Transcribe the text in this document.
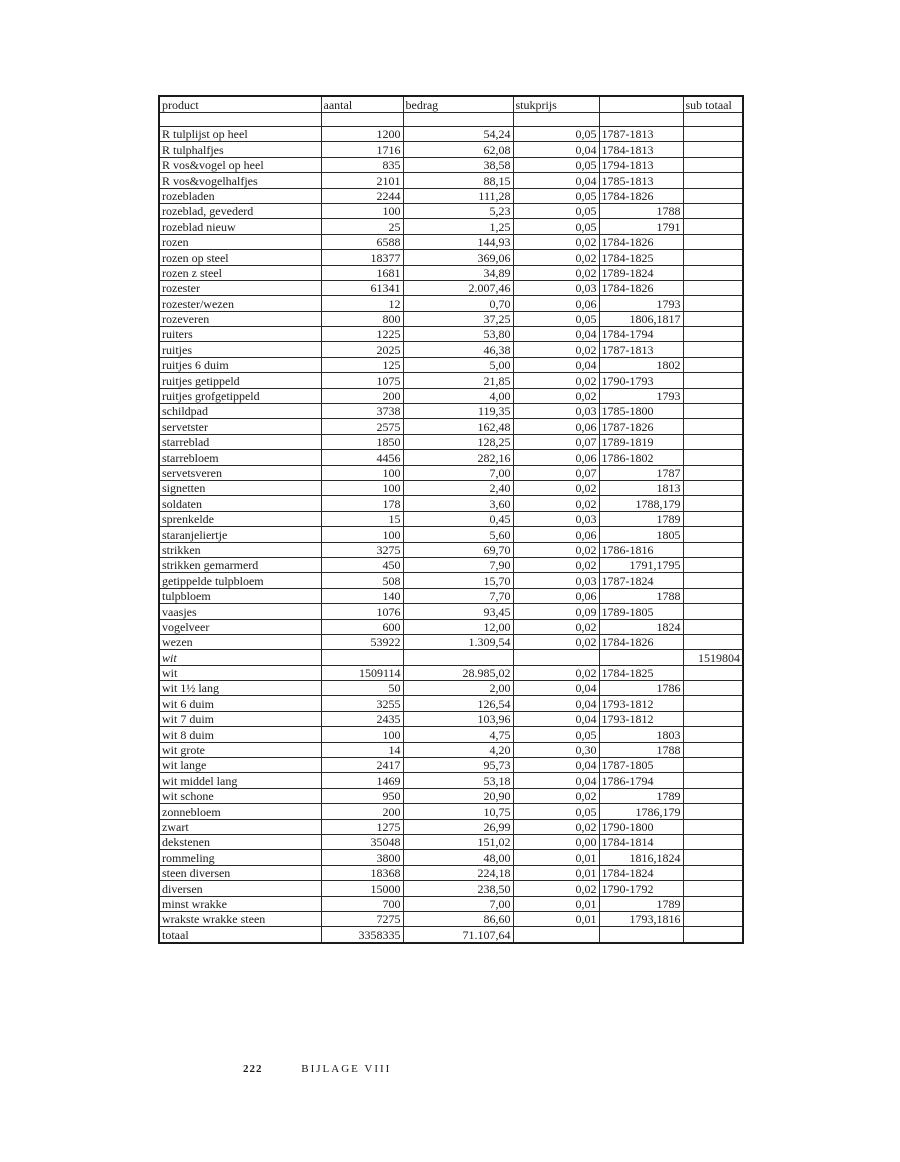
product	aantal	bedrag	stukprijs		sub totaal

R tulplijst op heel	1200	54,24	0,05	1787-1813	
R tulphalfjes	1716	62,08	0,04	1784-1813	
R vos&vogel op heel	835	38,58	0,05	1794-1813	
R vos&vogelhalfjes	2101	88,15	0,04	1785-1813	
rozebladen	2244	111,28	0,05	1784-1826	
rozeblad, gevederd	100	5,23	0,05	1788	
rozeblad nieuw	25	1,25	0,05	1791	
rozen	6588	144,93	0,02	1784-1826	
rozen op steel	18377	369,06	0,02	1784-1825	
rozen z steel	1681	34,89	0,02	1789-1824	
rozester	61341	2.007,46	0,03	1784-1826	
rozester/wezen	12	0,70	0,06	1793	
rozeveren	800	37,25	0,05	1806,1817	
ruiters	1225	53,80	0,04	1784-1794	
ruitjes	2025	46,38	0,02	1787-1813	
ruitjes 6 duim	125	5,00	0,04	1802	
ruitjes getippeld	1075	21,85	0,02	1790-1793	
ruitjes grofgetippeld	200	4,00	0,02	1793	
schildpad	3738	119,35	0,03	1785-1800	
servetster	2575	162,48	0,06	1787-1826	
starreblad	1850	128,25	0,07	1789-1819	
starrebloem	4456	282,16	0,06	1786-1802	
servetsveren	100	7,00	0,07	1787	
signetten	100	2,40	0,02	1813	
soldaten	178	3,60	0,02	1788,179	
sprenkelde	15	0,45	0,03	1789	
staranjeliertje	100	5,60	0,06	1805	
strikken	3275	69,70	0,02	1786-1816	
strikken gemarmerd	450	7,90	0,02	1791,1795	
getippelde tulpbloem	508	15,70	0,03	1787-1824	
tulpbloem	140	7,70	0,06	1788	
vaasjes	1076	93,45	0,09	1789-1805	
vogelveer	600	12,00	0,02	1824	
wezen	53922	1.309,54	0,02	1784-1826	
wit					1519804
wit	1509114	28.985,02	0,02	1784-1825	
wit 1½ lang	50	2,00	0,04	1786	
wit 6 duim	3255	126,54	0,04	1793-1812	
wit 7 duim	2435	103,96	0,04	1793-1812	
wit 8 duim	100	4,75	0,05	1803	
wit grote	14	4,20	0,30	1788	
wit lange	2417	95,73	0,04	1787-1805	
wit middel lang	1469	53,18	0,04	1786-1794	
wit schone	950	20,90	0,02	1789	
zonnebloem	200	10,75	0,05	1786,179	
zwart	1275	26,99	0,02	1790-1800	
dekstenen	35048	151,02	0,00	1784-1814	
rommeling	3800	48,00	0,01	1816,1824	
steen diversen	18368	224,18	0,01	1784-1824	
diversen	15000	238,50	0,02	1790-1792	
minst wrakke	700	7,00	0,01	1789	
wrakste wrakke steen	7275	86,60	0,01	1793,1816	
totaal	3358335	71.107,64			
222	BIJLAGE VIII
